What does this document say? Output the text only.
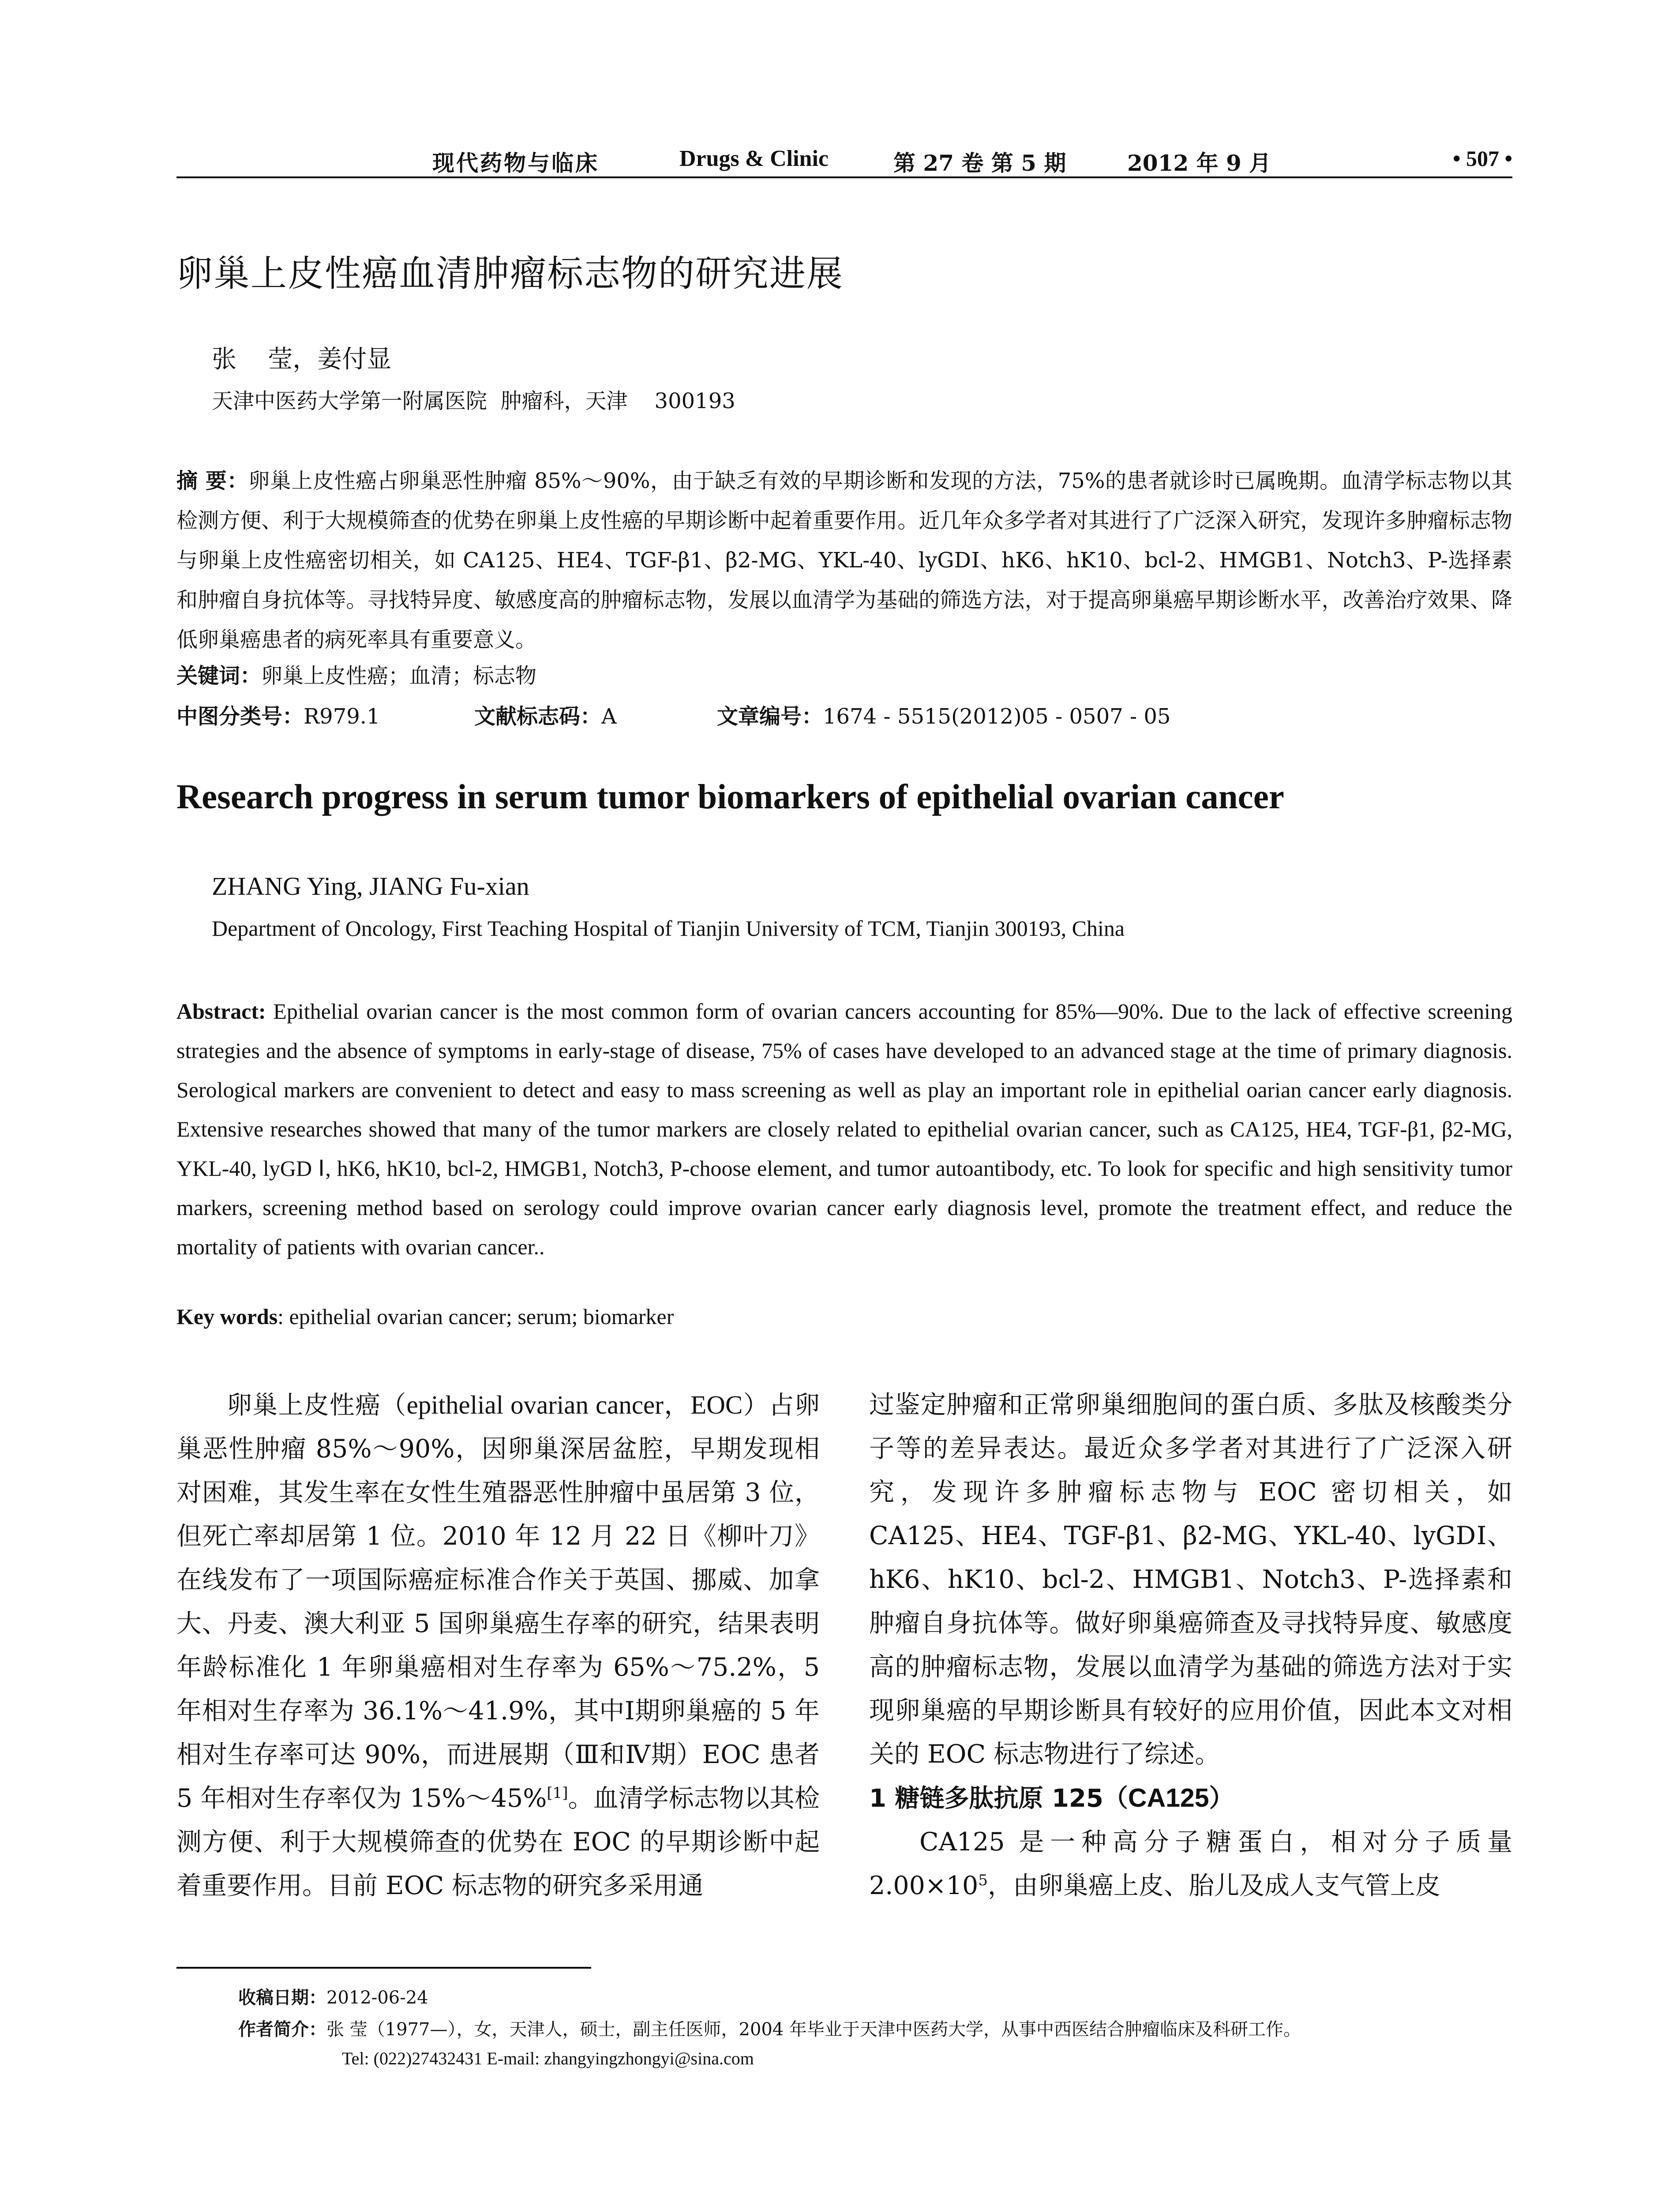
现代药物与临床	Drugs & Clinic	第 27 卷 第 5 期	2012 年 9 月	• 507 •
卵巢上皮性癌血清肿瘤标志物的研究进展
张    莹，姜付显
天津中医药大学第一附属医院  肿瘤科，天津    300193
摘 要：卵巢上皮性癌占卵巢恶性肿瘤 85%～90%，由于缺乏有效的早期诊断和发现的方法，75%的患者就诊时已属晚期。血清学标志物以其检测方便、利于大规模筛查的优势在卵巢上皮性癌的早期诊断中起着重要作用。近几年众多学者对其进行了广泛深入研究，发现许多肿瘤标志物与卵巢上皮性癌密切相关，如 CA125、HE4、TGF-β1、β2-MG、YKL-40、lyGDⅠ、hK6、hK10、bcl-2、HMGB1、Notch3、P-选择素和肿瘤自身抗体等。寻找特异度、敏感度高的肿瘤标志物，发展以血清学为基础的筛选方法，对于提高卵巢癌早期诊断水平，改善治疗效果、降低卵巢癌患者的病死率具有重要意义。
关键词：卵巢上皮性癌；血清；标志物
中图分类号：R979.1	文献标志码：A	文章编号：1674 - 5515(2012)05 - 0507 - 05
Research progress in serum tumor biomarkers of epithelial ovarian cancer
ZHANG Ying, JIANG Fu-xian
Department of Oncology, First Teaching Hospital of Tianjin University of TCM, Tianjin 300193, China
Abstract: Epithelial ovarian cancer is the most common form of ovarian cancers accounting for 85%—90%. Due to the lack of effective screening strategies and the absence of symptoms in early-stage of disease, 75% of cases have developed to an advanced stage at the time of primary diagnosis. Serological markers are convenient to detect and easy to mass screening as well as play an important role in epithelial oarian cancer early diagnosis. Extensive researches showed that many of the tumor markers are closely related to epithelial ovarian cancer, such as CA125, HE4, TGF-β1, β2-MG, YKL-40, lyGD Ⅰ, hK6, hK10, bcl-2, HMGB1, Notch3, P-choose element, and tumor autoantibody, etc. To look for specific and high sensitivity tumor markers, screening method based on serology could improve ovarian cancer early diagnosis level, promote the treatment effect, and reduce the mortality of patients with ovarian cancer..
Key words: epithelial ovarian cancer; serum; biomarker

卵巢上皮性癌（epithelial ovarian cancer，EOC）占卵巢恶性肿瘤 85%～90%，因卵巢深居盆腔，早期发现相对困难，其发生率在女性生殖器恶性肿瘤中虽居第 3 位，但死亡率却居第 1 位。2010 年 12 月 22 日《柳叶刀》在线发布了一项国际癌症标准合作关于英国、挪威、加拿大、丹麦、澳大利亚 5 国卵巢癌生存率的研究，结果表明年龄标准化 1 年卵巢癌相对生存率为 65%～75.2%，5 年相对生存率为 36.1%～41.9%，其中Ⅰ期卵巢癌的 5 年相对生存率可达 90%，而进展期（Ⅲ和Ⅳ期）EOC 患者 5 年相对生存率仅为 15%～45%[1]。血清学标志物以其检测方便、利于大规模筛查的优势在 EOC 的早期诊断中起着重要作用。目前 EOC 标志物的研究多采用通

过鉴定肿瘤和正常卵巢细胞间的蛋白质、多肽及核酸类分子等的差异表达。最近众多学者对其进行了广泛深入研究，发现许多肿瘤标志物与 EOC 密切相关，如 CA125、HE4、TGF-β1、β2-MG、YKL-40、lyGDⅠ、hK6、hK10、bcl-2、HMGB1、Notch3、P-选择素和肿瘤自身抗体等。做好卵巢癌筛查及寻找特异度、敏感度高的肿瘤标志物，发展以血清学为基础的筛选方法对于实现卵巢癌的早期诊断具有较好的应用价值，因此本文对相关的 EOC 标志物进行了综述。

1 糖链多肽抗原 125（CA125）

CA125 是一种高分子糖蛋白，相对分子质量 $2.00\times 10^5$，由卵巢癌上皮、胎儿及成人支气管上皮

收稿日期：2012-06-24
作者简介：张 莹（1977—），女，天津人，硕士，副主任医师，2004 年毕业于天津中医药大学，从事中西医结合肿瘤临床及科研工作。
Tel: (022)27432431 E-mail: zhangyingzhongyi@sina.com
